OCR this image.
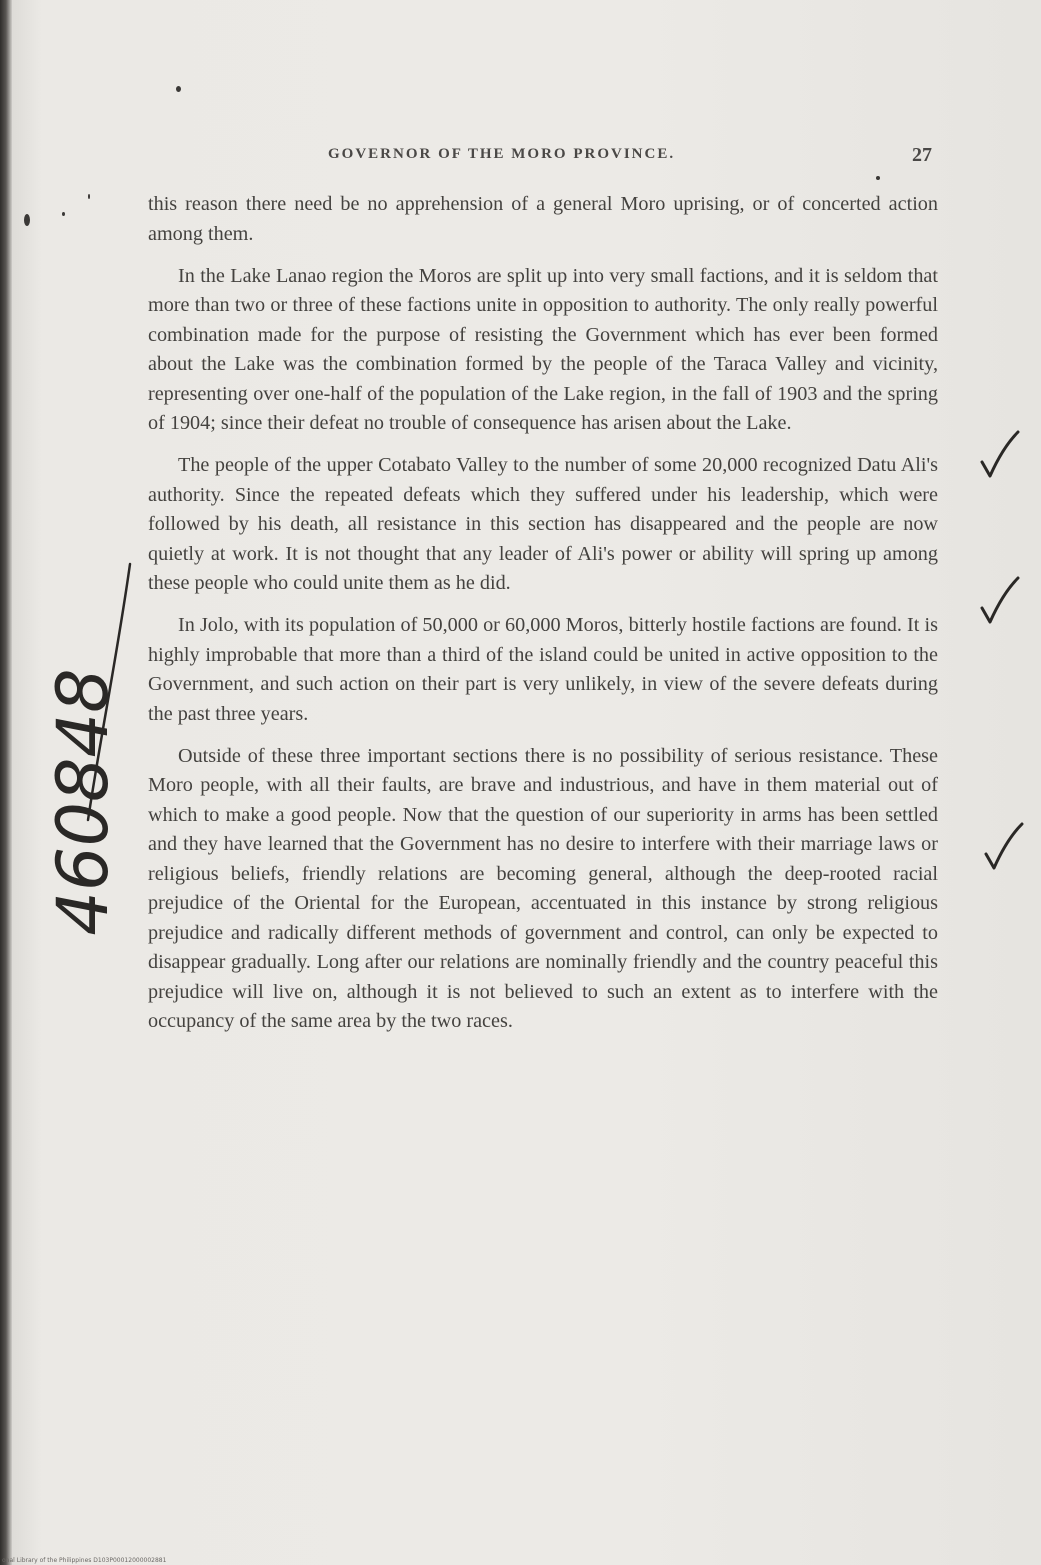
GOVERNOR OF THE MORO PROVINCE.	27

this reason there need be no apprehension of a general Moro uprising, or of concerted action among them.

In the Lake Lanao region the Moros are split up into very small factions, and it is seldom that more than two or three of these factions unite in opposition to authority. The only really powerful combination made for the purpose of resisting the Government which has ever been formed about the Lake was the combination formed by the people of the Taraca Valley and vicinity, representing over one-half of the population of the Lake region, in the fall of 1903 and the spring of 1904; since their defeat no trouble of consequence has arisen about the Lake.

The people of the upper Cotabato Valley to the number of some 20,000 recognized Datu Ali's authority. Since the repeated defeats which they suffered under his leadership, which were followed by his death, all resistance in this section has disappeared and the people are now quietly at work. It is not thought that any leader of Ali's power or ability will spring up among these people who could unite them as he did.

In Jolo, with its population of 50,000 or 60,000 Moros, bitterly hostile factions are found. It is highly improbable that more than a third of the island could be united in active opposition to the Government, and such action on their part is very unlikely, in view of the severe defeats during the past three years.

Outside of these three important sections there is no possibility of serious resistance. These Moro people, with all their faults, are brave and industrious, and have in them material out of which to make a good people. Now that the question of our superiority in arms has been settled and they have learned that the Government has no desire to interfere with their marriage laws or religious beliefs, friendly relations are becoming general, although the deep-rooted racial prejudice of the Oriental for the European, accentuated in this instance by strong religious prejudice and radically different methods of government and control, can only be expected to disappear gradually. Long after our relations are nominally friendly and the country peaceful this prejudice will live on, although it is not believed to such an extent as to interfere with the occupancy of the same area by the two races.

460848
onal Library of the Philippines D103P00012000002881
